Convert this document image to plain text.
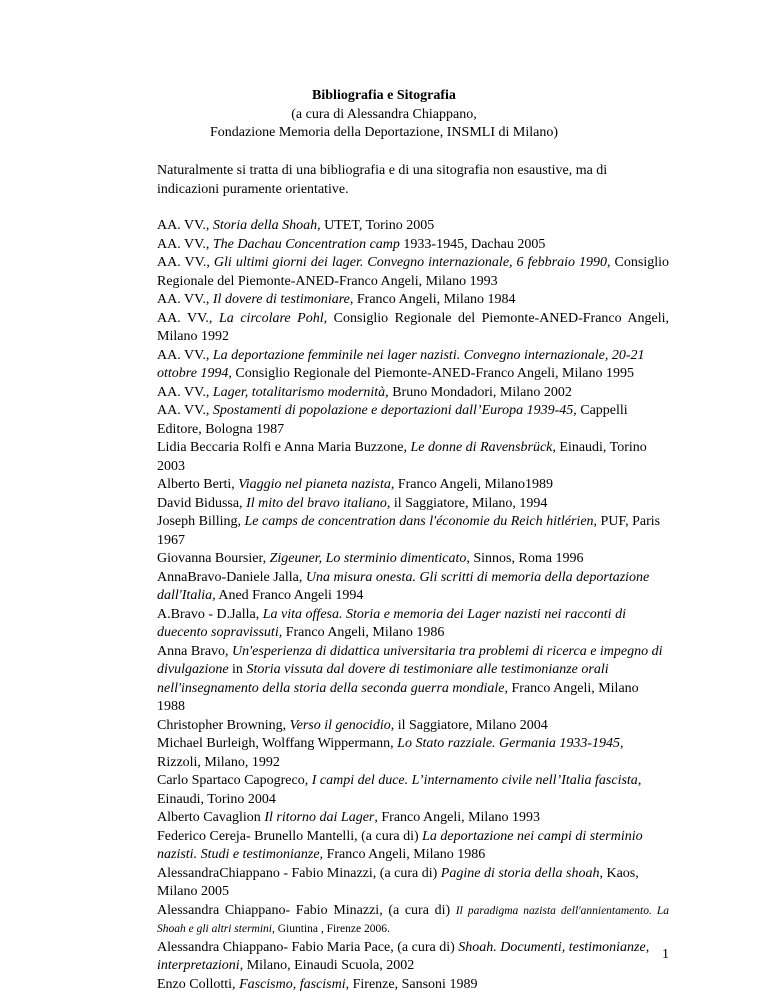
Bibliografia e Sitografia
(a cura di Alessandra Chiappano,
Fondazione Memoria della Deportazione, INSMLI di Milano)
Naturalmente si tratta di una bibliografia e di una sitografia non esaustive, ma di indicazioni puramente orientative.
AA. VV., Storia della Shoah, UTET, Torino 2005
AA. VV., The Dachau Concentration camp 1933-1945, Dachau 2005
AA. VV., Gli ultimi giorni dei lager. Convegno internazionale, 6 febbraio 1990, Consiglio Regionale del Piemonte-ANED-Franco Angeli, Milano 1993
AA. VV., Il dovere di testimoniare, Franco Angeli, Milano 1984
AA. VV., La circolare Pohl, Consiglio Regionale del Piemonte-ANED-Franco Angeli, Milano 1992
AA. VV., La deportazione femminile nei lager nazisti. Convegno internazionale, 20-21 ottobre 1994, Consiglio Regionale del Piemonte-ANED-Franco Angeli, Milano 1995
AA. VV., Lager, totalitarismo modernità, Bruno Mondadori, Milano 2002
AA. VV., Spostamenti di popolazione e deportazioni dall’Europa 1939-45, Cappelli Editore, Bologna 1987
Lidia Beccaria Rolfi e Anna Maria Buzzone, Le donne di Ravensbrück, Einaudi, Torino 2003
Alberto Berti, Viaggio nel pianeta nazista, Franco Angeli, Milano1989
David Bidussa, Il mito del bravo italiano, il Saggiatore, Milano, 1994
Joseph Billing, Le camps de concentration dans l'économie du Reich hitlérien, PUF, Paris 1967
Giovanna Boursier, Zigeuner, Lo sterminio dimenticato, Sinnos, Roma 1996
AnnaBravo-Daniele Jalla, Una misura onesta. Gli scritti di memoria della deportazione dall'Italia, Aned Franco Angeli 1994
A.Bravo - D.Jalla, La vita offesa. Storia e memoria dei Lager nazisti nei racconti di duecento sopravissuti, Franco Angeli, Milano 1986
Anna Bravo, Un'esperienza di didattica universitaria tra problemi di ricerca e impegno di divulgazione in Storia vissuta dal dovere di testimoniare alle testimonianze orali nell'insegnamento della storia della seconda guerra mondiale, Franco Angeli, Milano 1988
Christopher Browning, Verso il genocidio, il Saggiatore, Milano 2004
Michael Burleigh, Wolffang Wippermann, Lo Stato razziale. Germania 1933-1945, Rizzoli, Milano, 1992
Carlo Spartaco Capogreco, I campi del duce. L’internamento civile nell’Italia fascista, Einaudi, Torino 2004
Alberto Cavaglion Il ritorno dai Lager, Franco Angeli, Milano 1993
Federico Cereja- Brunello Mantelli, (a cura di) La deportazione nei campi di sterminio nazisti. Studi e testimonianze, Franco Angeli, Milano 1986
AlessandraChiappano - Fabio Minazzi, (a cura di) Pagine di storia della shoah, Kaos, Milano 2005
Alessandra Chiappano- Fabio Minazzi, (a cura di) Il paradigma nazista dell'annientamento. La Shoah e gli altri stermini, Giuntina , Firenze 2006.
Alessandra Chiappano- Fabio Maria Pace, (a cura di) Shoah. Documenti, testimonianze, interpretazioni, Milano, Einaudi Scuola, 2002
Enzo Collotti, Fascismo, fascismi, Firenze, Sansoni 1989
1
